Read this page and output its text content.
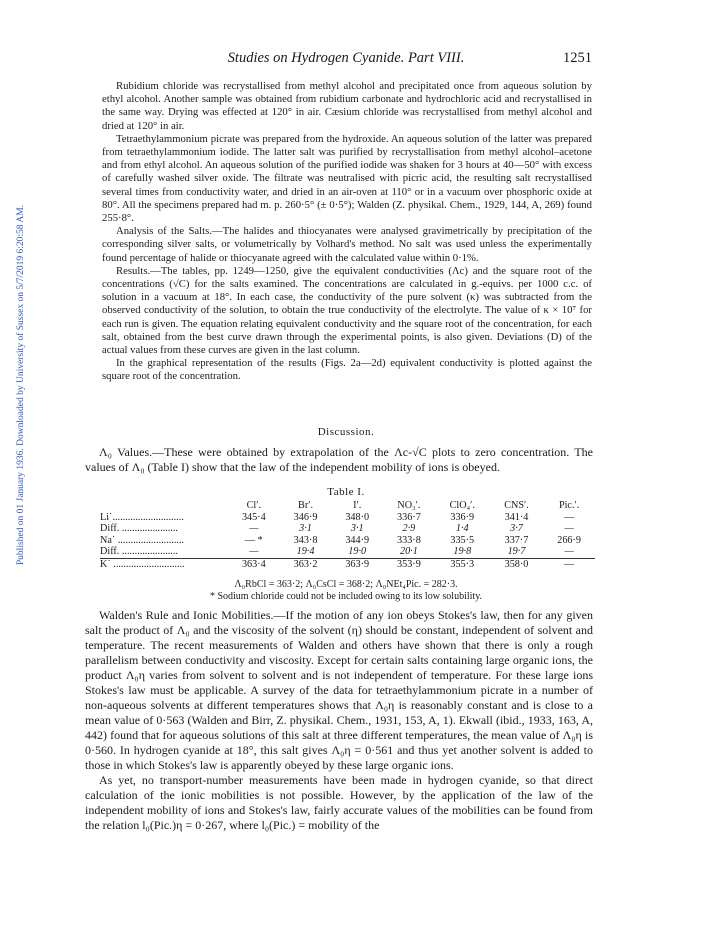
Published on 01 January 1936. Downloaded by University of Sussex on 5/7/2019 6:20:58 AM.
Studies on Hydrogen Cyanide. Part VIII.	1251

Rubidium chloride was recrystallised from methyl alcohol and precipitated once from aqueous solution by ethyl alcohol. Another sample was obtained from rubidium carbonate and hydrochloric acid and recrystallised in the same way. Drying was effected at 120° in air. Cæsium chloride was recrystallised from methyl alcohol and dried at 120° in air.

Tetraethylammonium picrate was prepared from the hydroxide. An aqueous solution of the latter was prepared from tetraethylammonium iodide. The latter salt was purified by recrystallisation from methyl alcohol–acetone and from ethyl alcohol. An aqueous solution of the purified iodide was shaken for 3 hours at 40—50° with excess of carefully washed silver oxide. The filtrate was neutralised with picric acid, the resulting salt recrystallised several times from conductivity water, and dried in an air-oven at 110° or in a vacuum over phosphoric oxide at 80°. All the specimens prepared had m. p. 260·5° (± 0·5°); Walden (Z. physikal. Chem., 1929, 144, A, 269) found 255·8°.

Analysis of the Salts.—The halides and thiocyanates were analysed gravimetrically by precipitation of the corresponding silver salts, or volumetrically by Volhard's method. No salt was used unless the experimentally found percentage of halide or thiocyanate agreed with the calculated value within 0·1%.

Results.—The tables, pp. 1249—1250, give the equivalent conductivities (Λc) and the square root of the concentrations (√C) for the salts examined. The concentrations are calculated in g.-equivs. per 1000 c.c. of solution in a vacuum at 18°. In each case, the conductivity of the pure solvent (κ) was subtracted from the observed conductivity of the solution, to obtain the true conductivity of the electrolyte. The value of κ × 10⁷ for each run is given. The equation relating equivalent conductivity and the square root of the concentration, for each salt, obtained from the best curve drawn through the experimental points, is also given. Deviations (D) of the actual values from these curves are given in the last column.

In the graphical representation of the results (Figs. 2a—2d) equivalent conductivity is plotted against the square root of the concentration.

Discussion.

Λ₀ Values.—These were obtained by extrapolation of the Λc-√C plots to zero concentration. The values of Λ₀ (Table I) show that the law of the independent mobility of ions is obeyed.

Table I.
	Cl′.	Br′.	I′.	NO₃′.	ClO₄′.	CNS′.	Pic.′.
Li˙............................	345·4	346·9	348·0	336·7	336·9	341·4	—
Diff. ......................	—	3·1	3·1	2·9	1·4	3·7	—
Na˙ ..........................	— *	343·8	344·9	333·8	335·5	337·7	266·9
Diff. ......................	—	19·4	19·0	20·1	19·8	19·7	—
K˙ ............................	363·4	363·2	363·9	353·9	355·3	358·0	—
Λ₀RbCl = 363·2; Λ₀CsCl = 368·2; Λ₀NEt₄Pic. = 282·3.
* Sodium chloride could not be included owing to its low solubility.

Walden's Rule and Ionic Mobilities.—If the motion of any ion obeys Stokes's law, then for any given salt the product of Λ₀ and the viscosity of the solvent (η) should be constant, independent of solvent and temperature. The recent measurements of Walden and others have shown that there is only a rough parallelism between conductivity and viscosity. Except for certain salts containing large organic ions, the product Λ₀η varies from solvent to solvent and is not independent of temperature. For these large ions Stokes's law must be applicable. A survey of the data for tetraethylammonium picrate in a number of non-aqueous solvents at different temperatures shows that Λ₀η is reasonably constant and is close to a mean value of 0·563 (Walden and Birr, Z. physikal. Chem., 1931, 153, A, 1). Ekwall (ibid., 1933, 163, A, 442) found that for aqueous solutions of this salt at three different temperatures, the mean value of Λ₀η is 0·560. In hydrogen cyanide at 18°, this salt gives Λ₀η = 0·561 and thus yet another solvent is added to those in which Stokes's law is apparently obeyed by these large organic ions.

As yet, no transport-number measurements have been made in hydrogen cyanide, so that direct calculation of the ionic mobilities is not possible. However, by the application of the law of the independent mobility of ions and Stokes's law, fairly accurate values of the mobilities can be found from the relation l₀(Pic.)η = 0·267, where l₀(Pic.) = mobility of the
